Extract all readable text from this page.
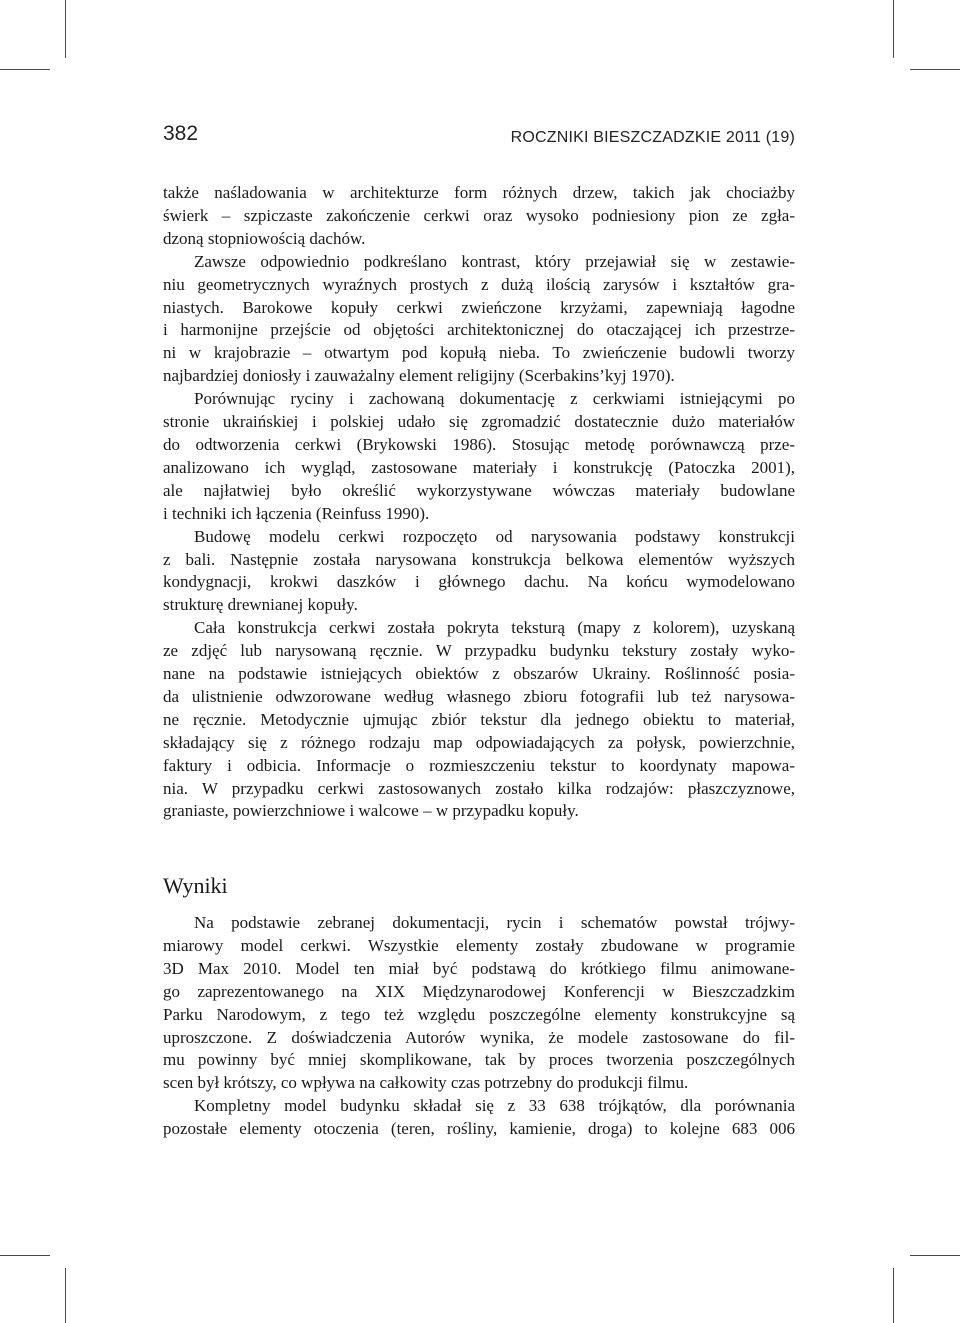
382	ROCZNIKI BIESZCZADZKIE 2011 (19)
także naśladowania w architekturze form różnych drzew, takich jak chociażby
świerk – szpiczaste zakończenie cerkwi oraz wysoko podniesiony pion ze zgła-
dzoną stopniowością dachów.
Zawsze odpowiednio podkreślano kontrast, który przejawiał się w zestawie-
niu geometrycznych wyraźnych prostych z dużą ilością zarysów i kształtów gra-
niastych. Barokowe kopuły cerkwi zwieńczone krzyżami, zapewniają łagodne
i harmonijne przejście od objętości architektonicznej do otaczającej ich przestrze-
ni w krajobrazie – otwartym pod kopułą nieba. To zwieńczenie budowli tworzy
najbardziej doniosły i zauważalny element religijny (Scerbakins’kyj 1970).
Porównując ryciny i zachowaną dokumentację z cerkwiami istniejącymi po
stronie ukraińskiej i polskiej udało się zgromadzić dostatecznie dużo materiałów
do odtworzenia cerkwi (Brykowski 1986). Stosując metodę porównawczą prze-
analizowano ich wygląd, zastosowane materiały i konstrukcję (Patoczka 2001),
ale najłatwiej było określić wykorzystywane wówczas materiały budowlane
i techniki ich łączenia (Reinfuss 1990).
Budowę modelu cerkwi rozpoczęto od narysowania podstawy konstrukcji
z bali. Następnie została narysowana konstrukcja belkowa elementów wyższych
kondygnacji, krokwi daszków i głównego dachu. Na końcu wymodelowano
strukturę drewnianej kopuły.
Cała konstrukcja cerkwi została pokryta teksturą (mapy z kolorem), uzyskaną
ze zdjęć lub narysowaną ręcznie. W przypadku budynku tekstury zostały wyko-
nane na podstawie istniejących obiektów z obszarów Ukrainy. Roślinność posia-
da ulistnienie odwzorowane według własnego zbioru fotografii lub też narysowa-
ne ręcznie. Metodycznie ujmując zbiór tekstur dla jednego obiektu to materiał,
składający się z różnego rodzaju map odpowiadających za połysk, powierzchnie,
faktury i odbicia. Informacje o rozmieszczeniu tekstur to koordynaty mapowa-
nia. W przypadku cerkwi zastosowanych zostało kilka rodzajów: płaszczyznowe,
graniaste, powierzchniowe i walcowe – w przypadku kopuły.
Wyniki
Na podstawie zebranej dokumentacji, rycin i schematów powstał trójwy-
miarowy model cerkwi. Wszystkie elementy zostały zbudowane w programie
3D Max 2010. Model ten miał być podstawą do krótkiego filmu animowane-
go zaprezentowanego na XIX Międzynarodowej Konferencji w Bieszczadzkim
Parku Narodowym, z tego też względu poszczególne elementy konstrukcyjne są
uproszczone. Z doświadczenia Autorów wynika, że modele zastosowane do fil-
mu powinny być mniej skomplikowane, tak by proces tworzenia poszczególnych
scen był krótszy, co wpływa na całkowity czas potrzebny do produkcji filmu.
Kompletny model budynku składał się z 33 638 trójkątów, dla porównania
pozostałe elementy otoczenia (teren, rośliny, kamienie, droga) to kolejne 683 006
